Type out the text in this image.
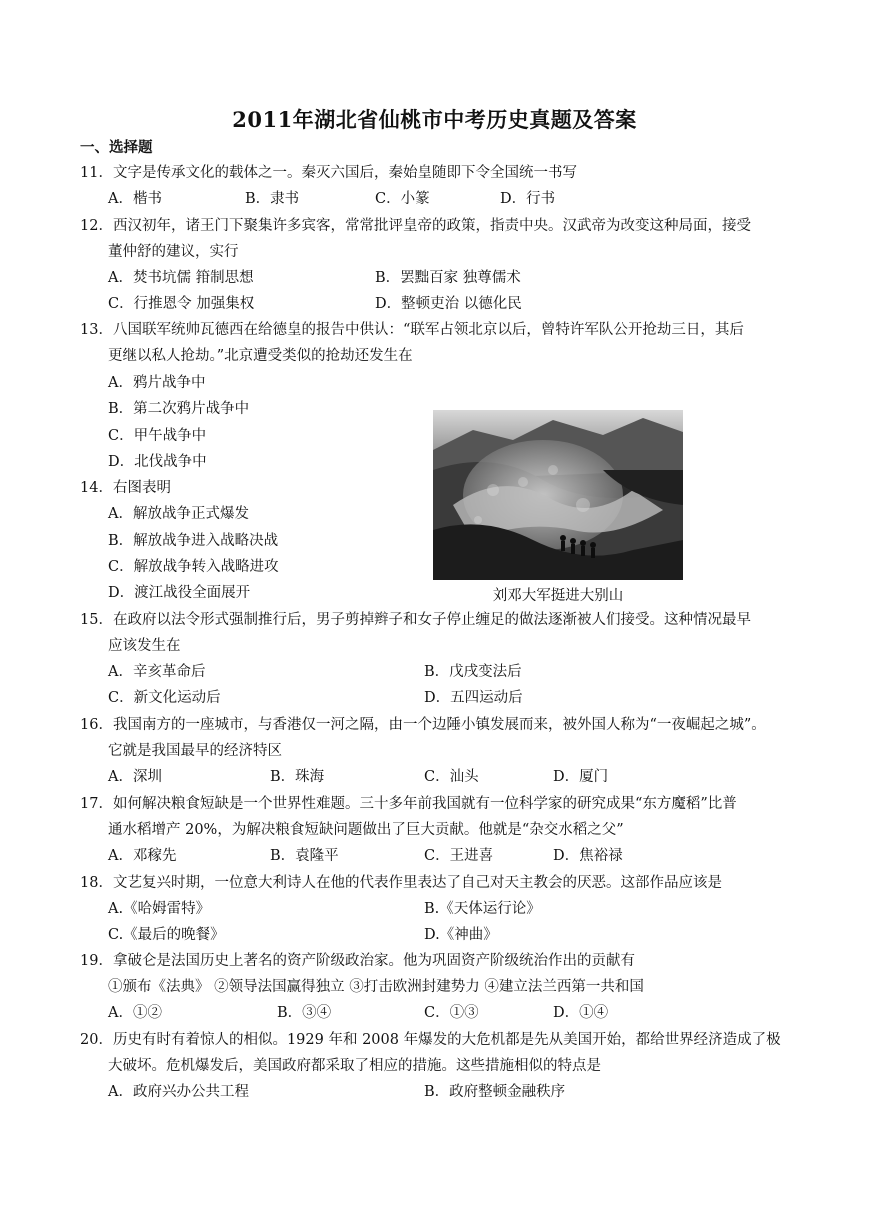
2011年湖北省仙桃市中考历史真题及答案
一、选择题
11．文字是传承文化的载体之一。秦灭六国后，秦始皇随即下令全国统一书写
A．楷书	B．隶书	C．小篆	D．行书
12．西汉初年，诸王门下聚集许多宾客，常常批评皇帝的政策，指责中央。汉武帝为改变这种局面，接受
董仲舒的建议，实行
A．焚书坑儒 箝制思想	B．罢黜百家 独尊儒术
C．行推恩令 加强集权	D．整顿吏治 以德化民
13．八国联军统帅瓦德西在给德皇的报告中供认：“联军占领北京以后，曾特许军队公开抢劫三日，其后
更继以私人抢劫。”北京遭受类似的抢劫还发生在
A．鸦片战争中
B．第二次鸦片战争中
C．甲午战争中
D．北伐战争中
14．右图表明
A．解放战争正式爆发
B．解放战争进入战略决战
C．解放战争转入战略进攻
D．渡江战役全面展开	刘邓大军挺进大别山
15．在政府以法令形式强制推行后，男子剪掉辫子和女子停止缠足的做法逐渐被人们接受。这种情况最早
应该发生在
A．辛亥革命后	B．戊戌变法后
C．新文化运动后	D．五四运动后
16．我国南方的一座城市，与香港仅一河之隔，由一个边陲小镇发展而来，被外国人称为“一夜崛起之城”。
它就是我国最早的经济特区
A．深圳	B．珠海	C．汕头	D．厦门
17．如何解决粮食短缺是一个世界性难题。三十多年前我国就有一位科学家的研究成果“东方魔稻”比普
通水稻增产 20%，为解决粮食短缺问题做出了巨大贡献。他就是“杂交水稻之父”
A．邓稼先	B．袁隆平	C．王进喜	D．焦裕禄
18．文艺复兴时期，一位意大利诗人在他的代表作里表达了自己对天主教会的厌恶。这部作品应该是
A.《哈姆雷特》	B.《天体运行论》
C.《最后的晚餐》	D.《神曲》
19．拿破仑是法国历史上著名的资产阶级政治家。他为巩固资产阶级统治作出的贡献有
①颁布《法典》 ②领导法国赢得独立 ③打击欧洲封建势力 ④建立法兰西第一共和国
A．①②	B．③④	C．①③	D．①④
20．历史有时有着惊人的相似。1929 年和 2008 年爆发的大危机都是先从美国开始，都给世界经济造成了极
大破坏。危机爆发后，美国政府都采取了相应的措施。这些措施相似的特点是
A．政府兴办公共工程	B．政府整顿金融秩序
